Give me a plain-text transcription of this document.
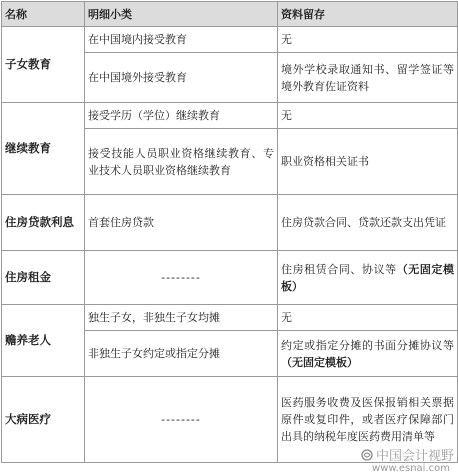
名称	明细小类	资料留存
子女教育	在中国境内接受教育	无
	在中国境外接受教育	境外学校录取通知书、留学签证等境外教育佐证资料
继续教育	接受学历（学位）继续教育	无
	接受技能人员职业资格继续教育、专业技术人员职业资格继续教育	职业资格相关证书
住房贷款利息	首套住房贷款	住房贷款合同、贷款还款支出凭证
住房租金	--------	住房租赁合同、协议等（无固定模板）
赡养老人	独生子女，非独生子女均摊	无
	非独生子女约定或指定分摊	约定或指定分摊的书面分摊协议等（无固定模板）
大病医疗	--------	医药服务收费及医保报销相关票据原件或复印件，或者医疗保障部门出具的纳税年度医药费用清单等
中国会计视野
www.esnai.com
